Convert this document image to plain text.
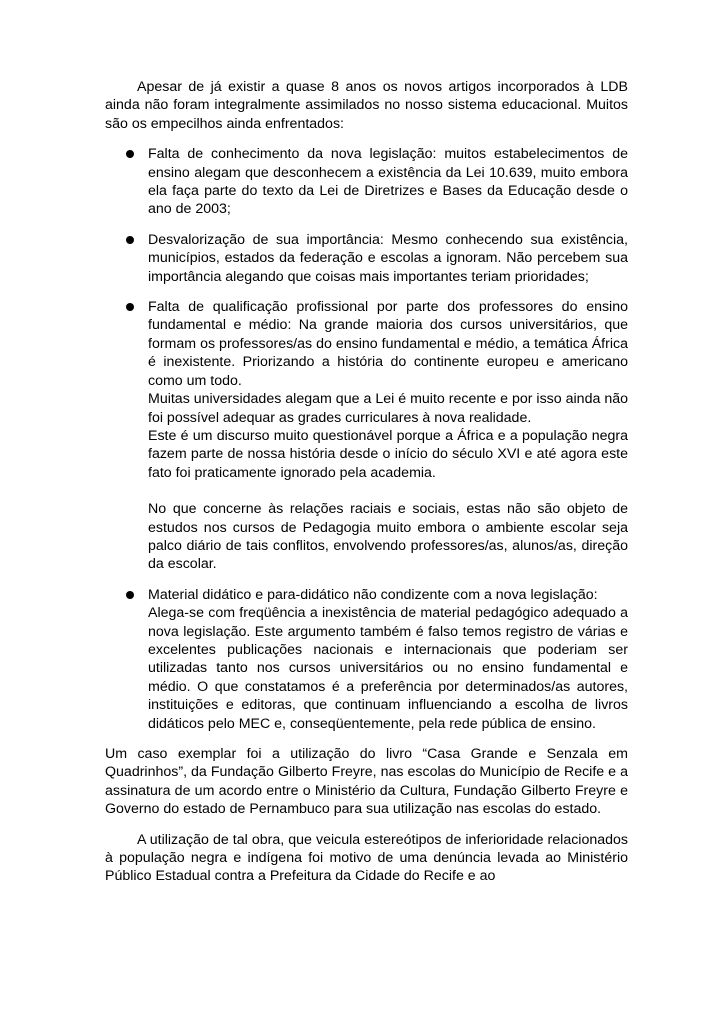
Apesar de já existir a quase 8 anos os novos artigos incorporados à LDB ainda não foram integralmente assimilados no nosso sistema educacional. Muitos são os empecilhos ainda enfrentados:

Falta de conhecimento da nova legislação: muitos estabelecimentos de ensino alegam que desconhecem a existência da Lei 10.639, muito embora ela faça parte do texto da Lei de Diretrizes e Bases da Educação desde o ano de 2003;

Desvalorização de sua importância: Mesmo conhecendo sua existência, municípios, estados da federação e escolas a ignoram. Não percebem sua importância alegando que coisas mais importantes teriam prioridades;

Falta de qualificação profissional por parte dos professores do ensino fundamental e médio: Na grande maioria dos cursos universitários, que formam os professores/as do ensino fundamental e médio, a temática África é inexistente. Priorizando a história do continente europeu e americano como um todo.

Muitas universidades alegam que a Lei é muito recente e por isso ainda não foi possível adequar as grades curriculares à nova realidade.

Este é um discurso muito questionável porque a África e a população negra fazem parte de nossa história desde o início do século XVI e até agora este fato foi praticamente ignorado pela academia.

No que concerne às relações raciais e sociais, estas não são objeto de estudos nos cursos de Pedagogia muito embora o ambiente escolar seja palco diário de tais conflitos, envolvendo professores/as, alunos/as, direção da escolar.

Material didático e para-didático não condizente com a nova legislação:

Alega-se com freqüência a inexistência de material pedagógico adequado a nova legislação. Este argumento também é falso temos registro de várias e excelentes publicações nacionais e internacionais que poderiam ser utilizadas tanto nos cursos universitários ou no ensino fundamental e médio. O que constatamos é a preferência por determinados/as autores, instituições e editoras, que continuam influenciando a escolha de livros didáticos pelo MEC e, conseqüentemente, pela rede pública de ensino.

Um caso exemplar foi a utilização do livro “Casa Grande e Senzala em Quadrinhos”, da Fundação Gilberto Freyre, nas escolas do Município de Recife e a assinatura de um acordo entre o Ministério da Cultura, Fundação Gilberto Freyre e Governo do estado de Pernambuco para sua utilização nas escolas do estado.

A utilização de tal obra, que veicula estereótipos de inferioridade relacionados à população negra e indígena foi motivo de uma denúncia levada ao Ministério Público Estadual contra a Prefeitura da Cidade do Recife e ao
